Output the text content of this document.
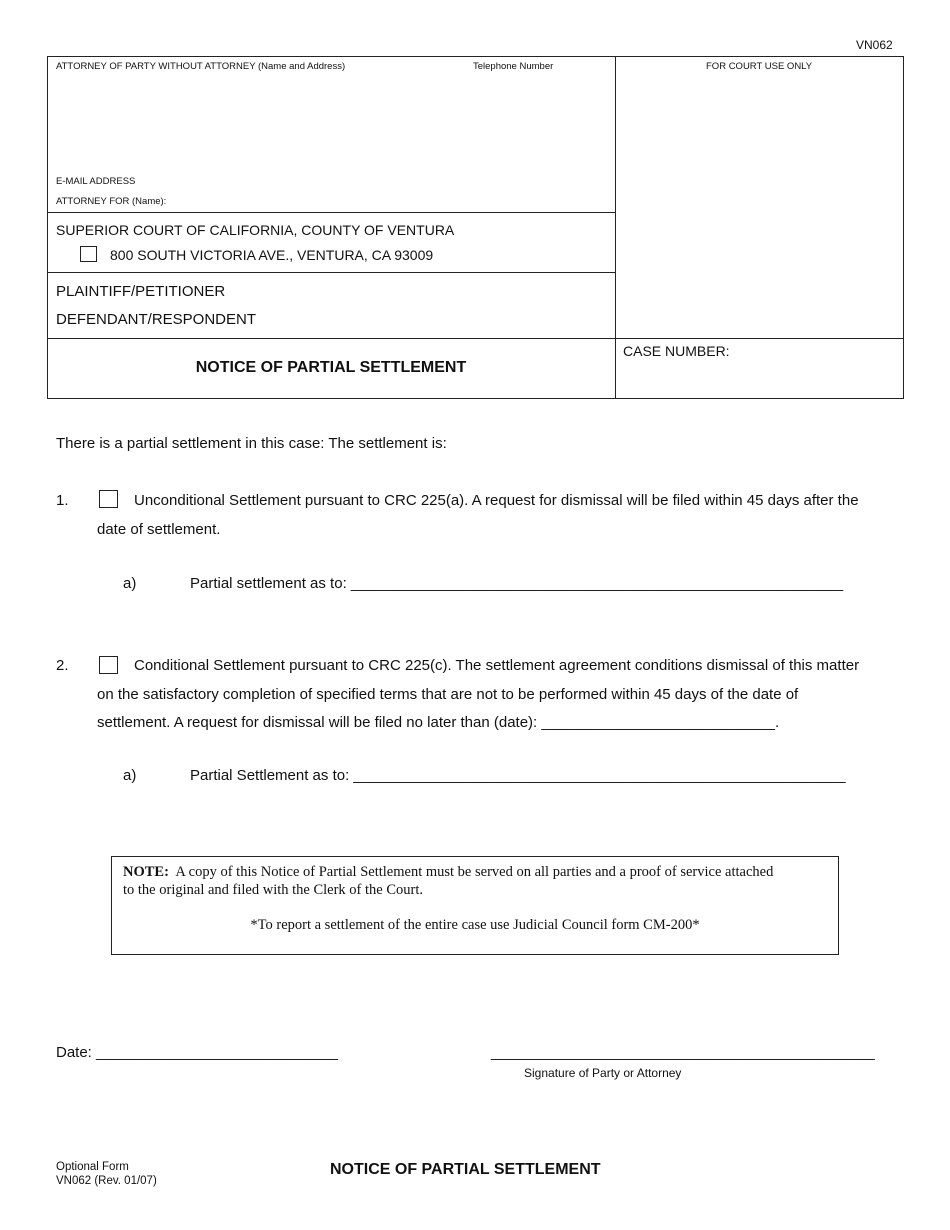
VN062
ATTORNEY OF PARTY WITHOUT ATTORNEY (Name and Address)	Telephone Number	FOR COURT USE ONLY
E-MAIL ADDRESS
ATTORNEY FOR (Name):
SUPERIOR COURT OF CALIFORNIA, COUNTY OF VENTURA
800 SOUTH VICTORIA AVE., VENTURA, CA 93009
PLAINTIFF/PETITIONER
DEFENDANT/RESPONDENT
NOTICE OF PARTIAL SETTLEMENT
CASE NUMBER:
There is a partial settlement in this case: The settlement is:
1.	Unconditional Settlement pursuant to CRC 225(a). A request for dismissal will be filed within 45 days after the
date of settlement.
a)	Partial settlement as to: ___________________________________________________________
2.	Conditional Settlement pursuant to CRC 225(c). The settlement agreement conditions dismissal of this matter
on the satisfactory completion of specified terms that are not to be performed within 45 days of the date of
settlement. A request for dismissal will be filed no later than (date): ____________________________.
a)	Partial Settlement as to: ___________________________________________________________
NOTE: A copy of this Notice of Partial Settlement must be served on all parties and a proof of service attached
to the original and filed with the Clerk of the Court.
*To report a settlement of the entire case use Judicial Council form CM-200*
Date: _____________________________	______________________________________________
Signature of Party or Attorney
Optional Form
VN062 (Rev. 01/07)
NOTICE OF PARTIAL SETTLEMENT
